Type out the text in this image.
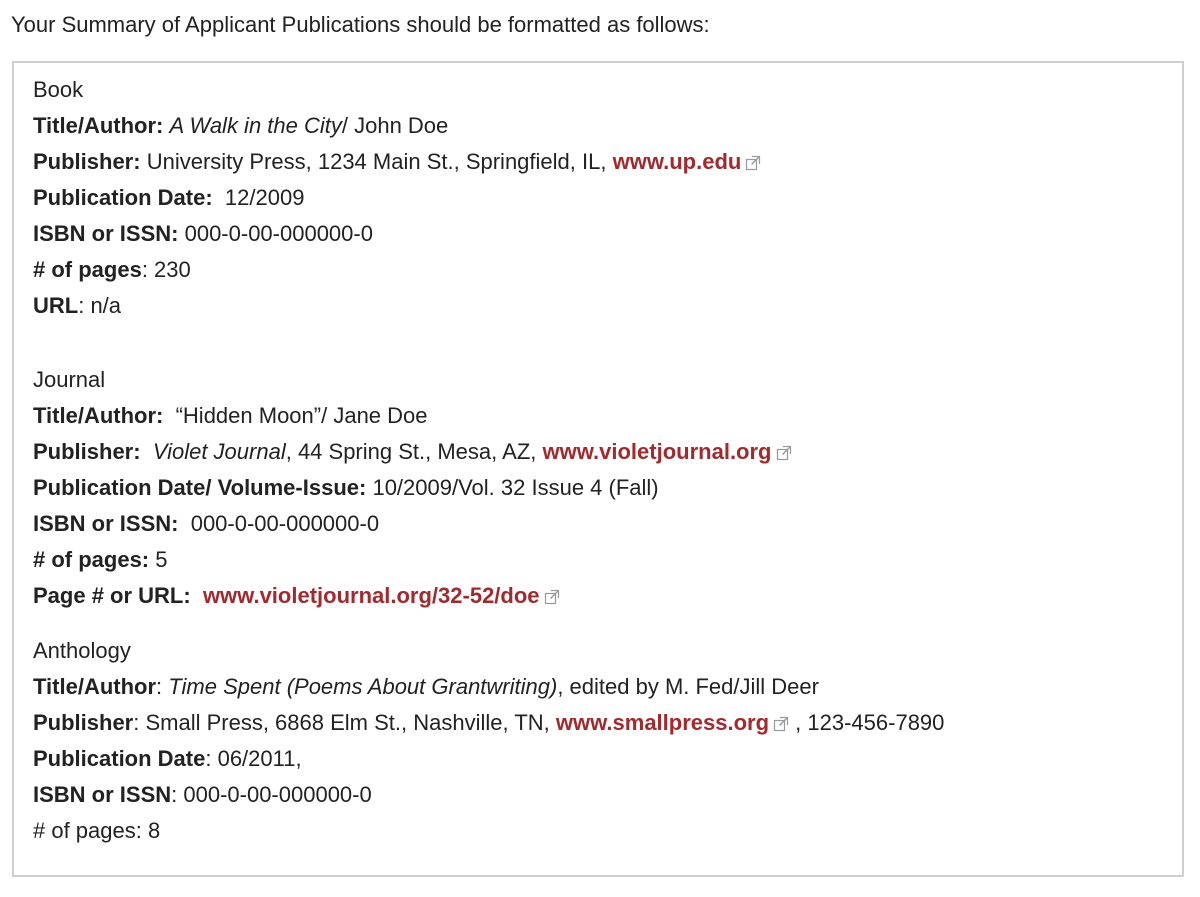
Your Summary of Applicant Publications should be formatted as follows:

Book
Title/Author: A Walk in the City/ John Doe
Publisher: University Press, 1234 Main St., Springfield, IL, www.up.edu
Publication Date: 12/2009
ISBN or ISSN: 000-0-00-000000-0
# of pages: 230
URL: n/a
Journal
Title/Author: “Hidden Moon”/ Jane Doe
Publisher: Violet Journal, 44 Spring St., Mesa, AZ, www.violetjournal.org
Publication Date/ Volume-Issue: 10/2009/Vol. 32 Issue 4 (Fall)
ISBN or ISSN: 000-0-00-000000-0
# of pages: 5
Page # or URL: www.violetjournal.org/32-52/doe
Anthology
Title/Author: Time Spent (Poems About Grantwriting), edited by M. Fed/Jill Deer
Publisher: Small Press, 6868 Elm St., Nashville, TN, www.smallpress.org , 123-456-7890
Publication Date: 06/2011,
ISBN or ISSN: 000-0-00-000000-0
# of pages: 8
